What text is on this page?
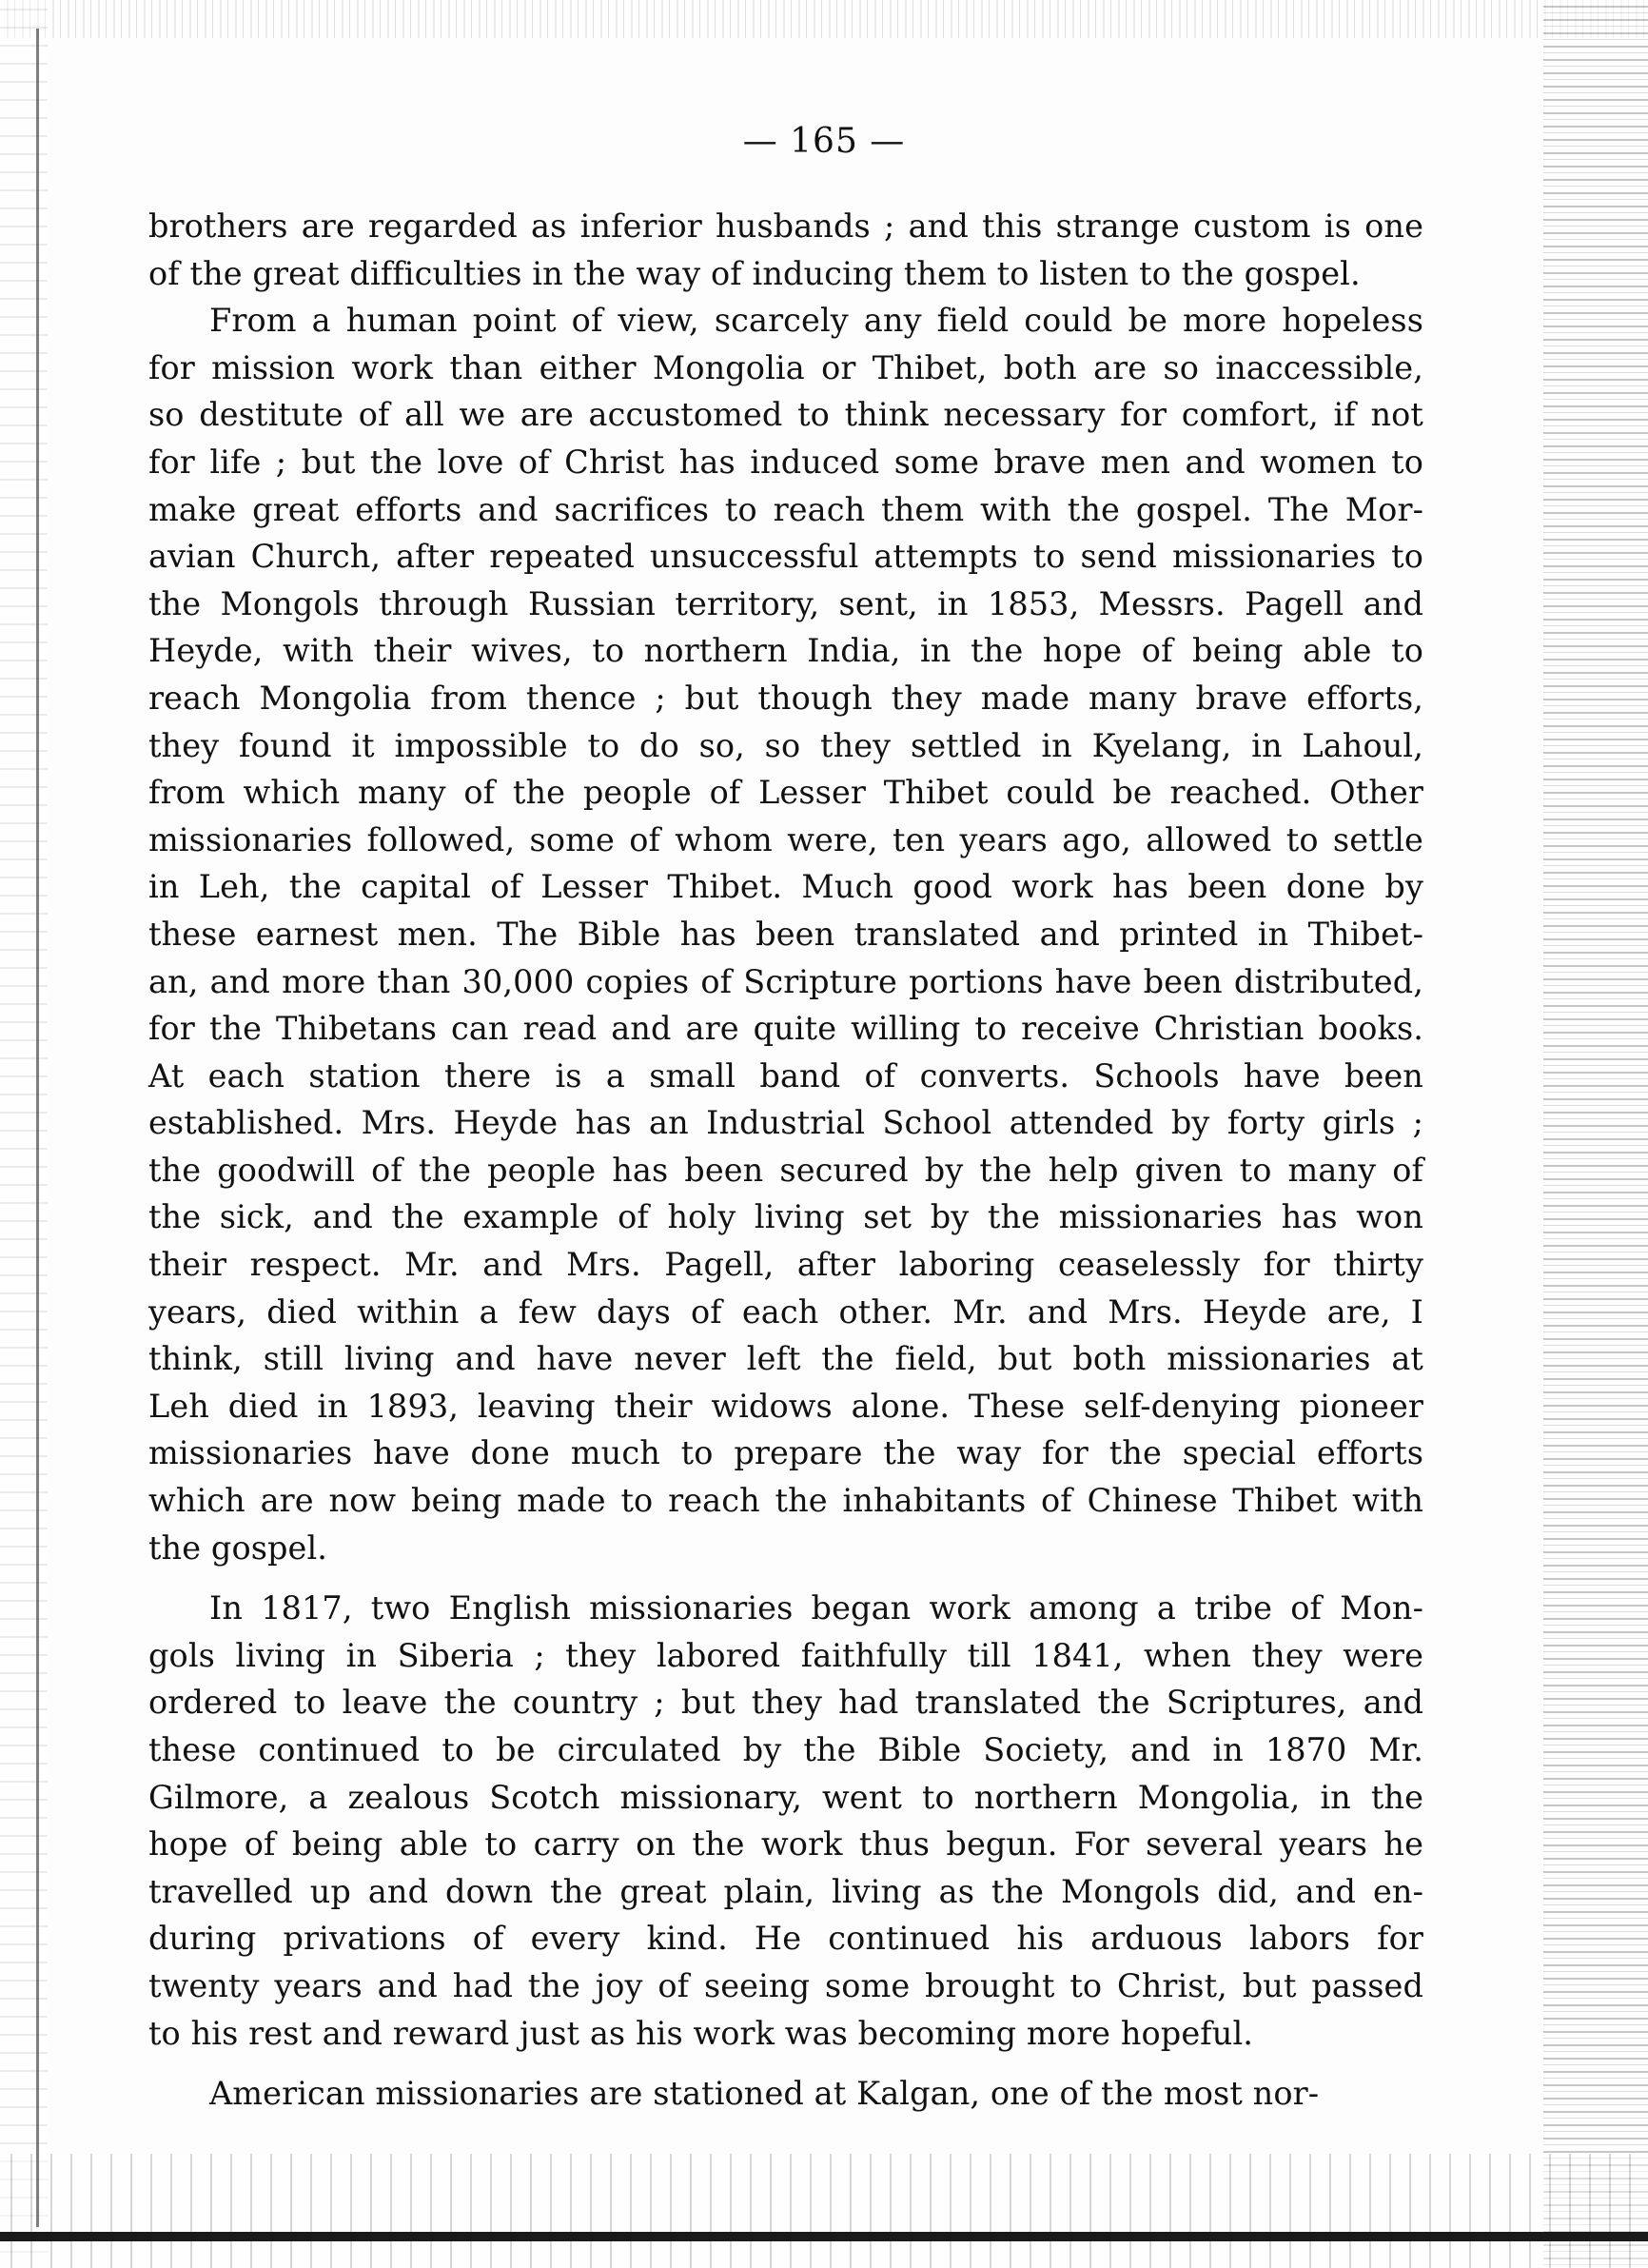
— 165 —
brothers are regarded as inferior husbands ; and this strange custom is one
of the great difficulties in the way of inducing them to listen to the gospel.
From a human point of view, scarcely any field could be more hopeless
for mission work than either Mongolia or Thibet, both are so inaccessible,
so destitute of all we are accustomed to think necessary for comfort, if not
for life ; but the love of Christ has induced some brave men and women to
make great efforts and sacrifices to reach them with the gospel. The Mor-
avian Church, after repeated unsuccessful attempts to send missionaries to
the Mongols through Russian territory, sent, in 1853, Messrs. Pagell and
Heyde, with their wives, to northern India, in the hope of being able to
reach Mongolia from thence ; but though they made many brave efforts,
they found it impossible to do so, so they settled in Kyelang, in Lahoul,
from which many of the people of Lesser Thibet could be reached. Other
missionaries followed, some of whom were, ten years ago, allowed to settle
in Leh, the capital of Lesser Thibet. Much good work has been done by
these earnest men. The Bible has been translated and printed in Thibet-
an, and more than 30,000 copies of Scripture portions have been distributed,
for the Thibetans can read and are quite willing to receive Christian books.
At each station there is a small band of converts. Schools have been
established. Mrs. Heyde has an Industrial School attended by forty girls ;
the goodwill of the people has been secured by the help given to many of
the sick, and the example of holy living set by the missionaries has won
their respect. Mr. and Mrs. Pagell, after laboring ceaselessly for thirty
years, died within a few days of each other. Mr. and Mrs. Heyde are, I
think, still living and have never left the field, but both missionaries at
Leh died in 1893, leaving their widows alone. These self-denying pioneer
missionaries have done much to prepare the way for the special efforts
which are now being made to reach the inhabitants of Chinese Thibet with
the gospel.
In 1817, two English missionaries began work among a tribe of Mon-
gols living in Siberia ; they labored faithfully till 1841, when they were
ordered to leave the country ; but they had translated the Scriptures, and
these continued to be circulated by the Bible Society, and in 1870 Mr.
Gilmore, a zealous Scotch missionary, went to northern Mongolia, in the
hope of being able to carry on the work thus begun. For several years he
travelled up and down the great plain, living as the Mongols did, and en-
during privations of every kind. He continued his arduous labors for
twenty years and had the joy of seeing some brought to Christ, but passed
to his rest and reward just as his work was becoming more hopeful.
American missionaries are stationed at Kalgan, one of the most nor-
